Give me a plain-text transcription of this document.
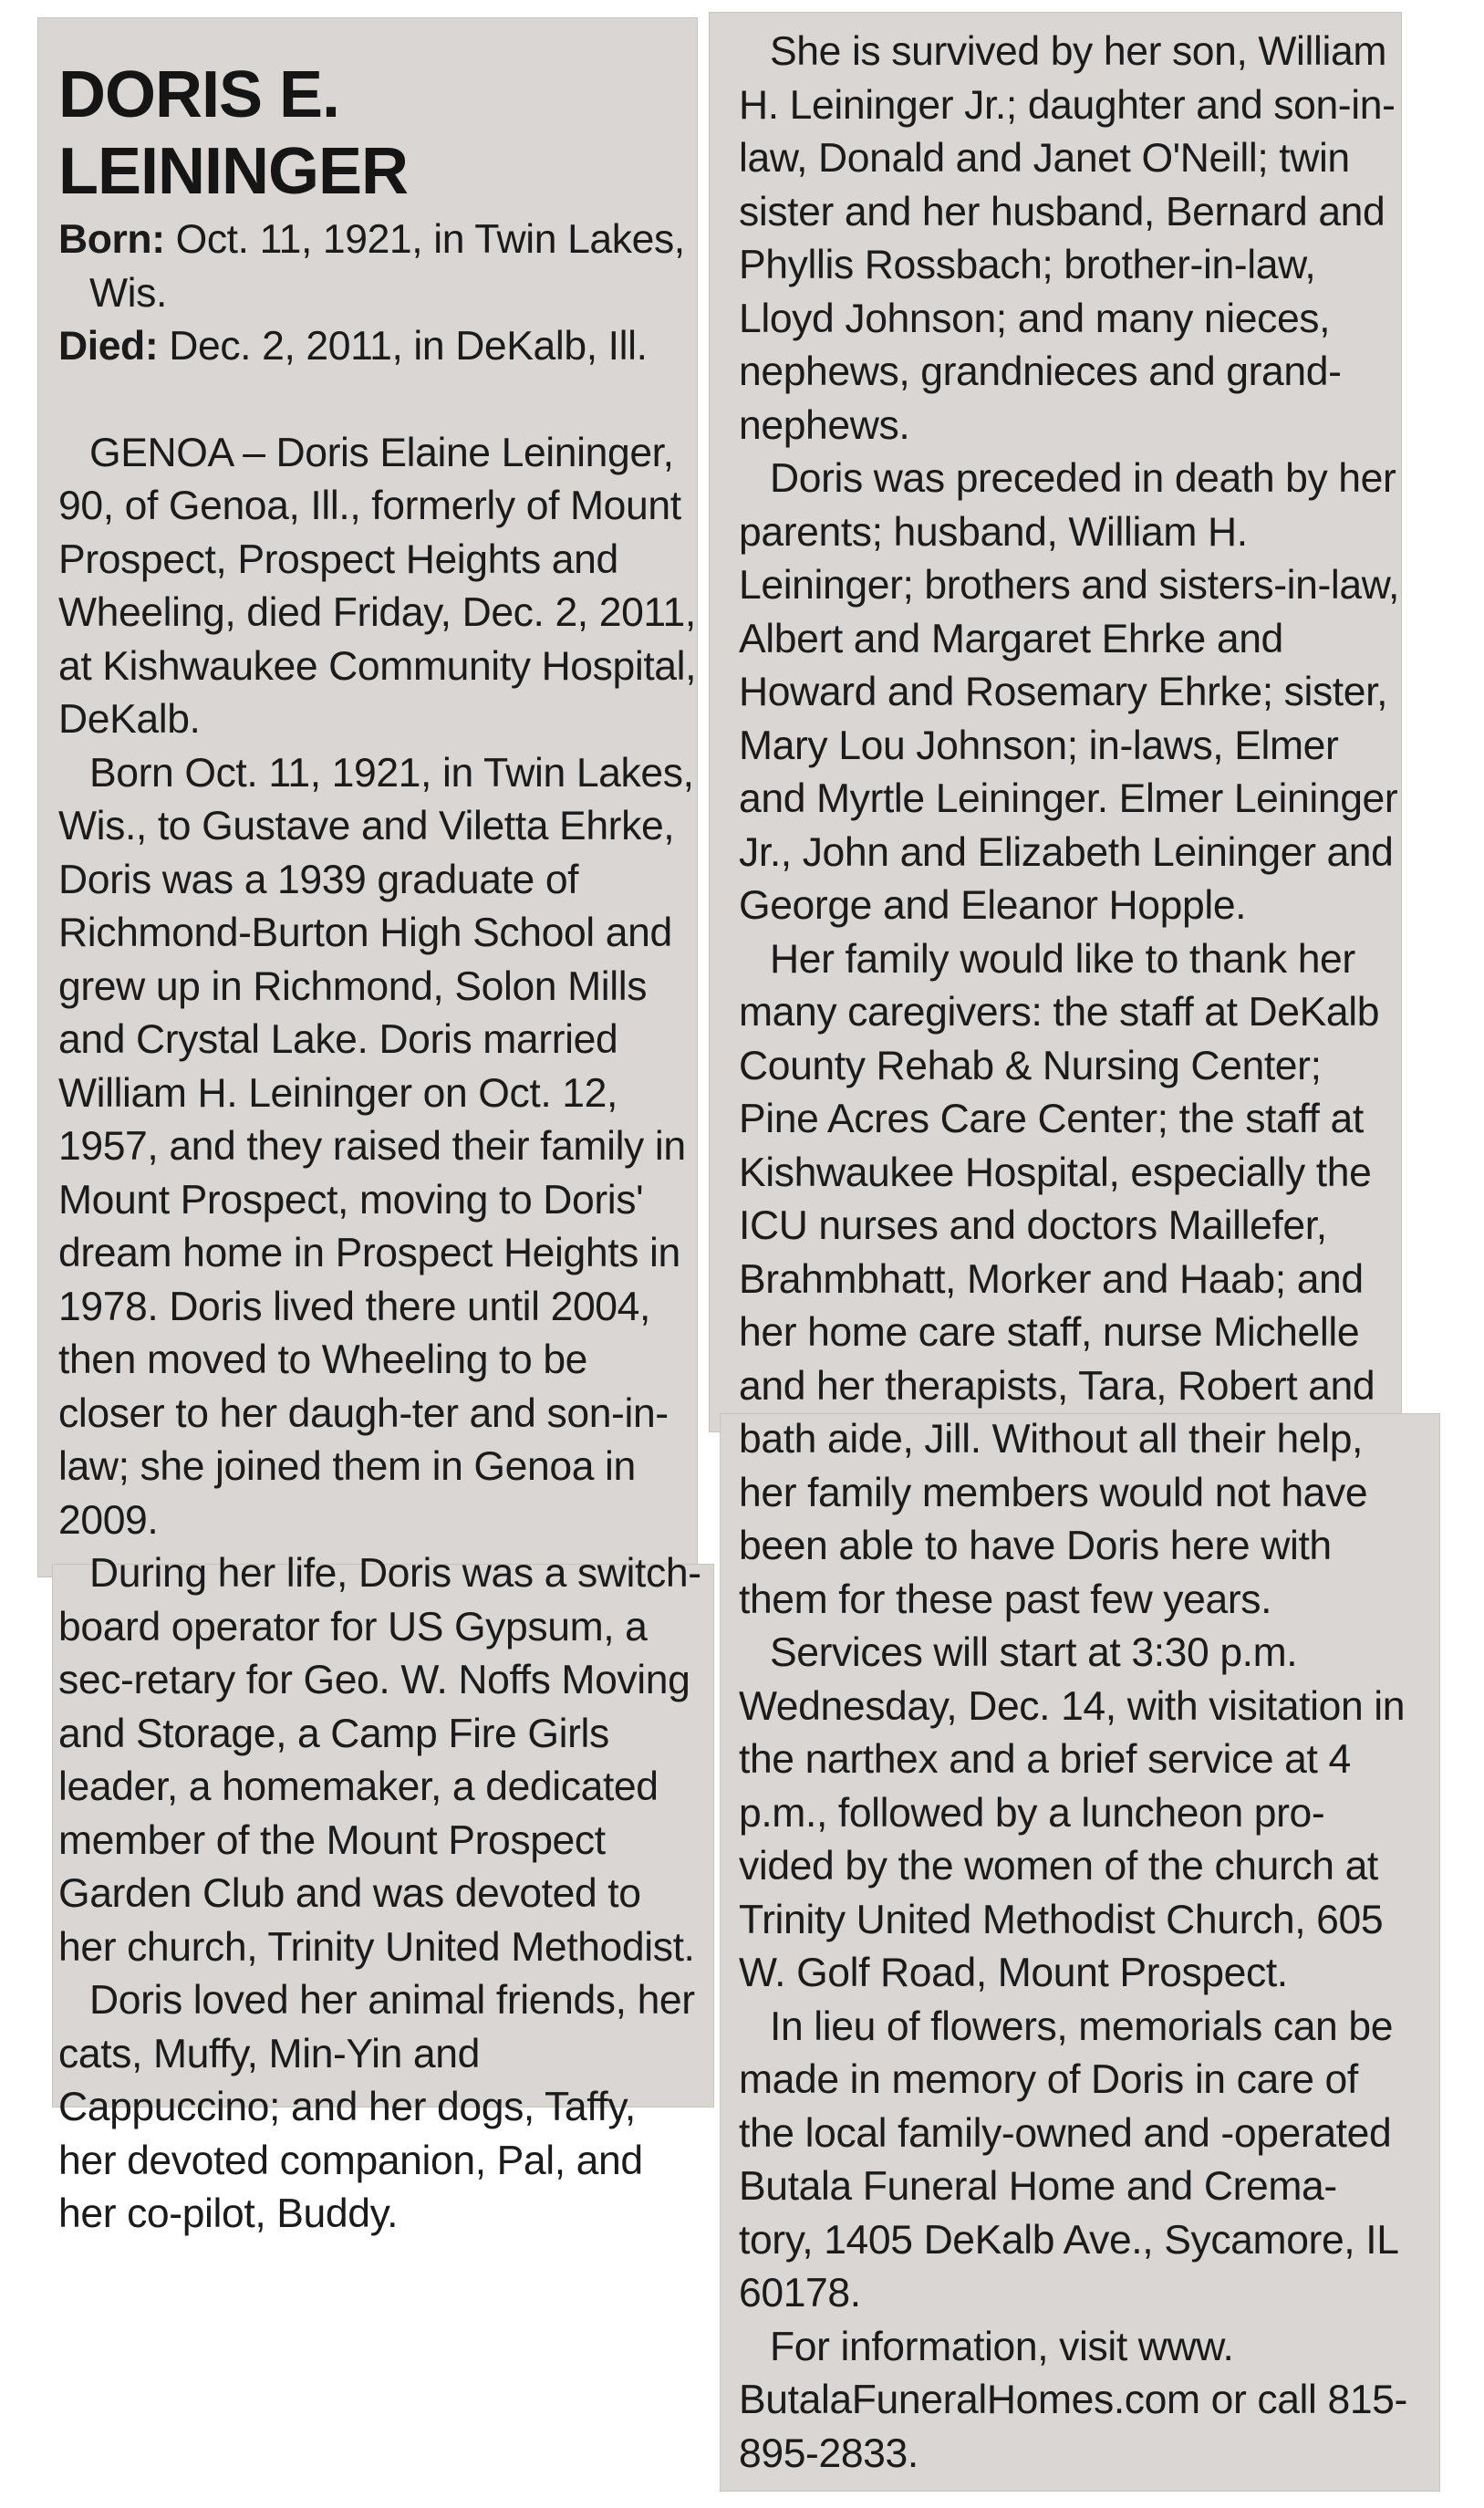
DORIS E. LEININGER

Born: Oct. 11, 1921, in Twin Lakes,
Wis.

Died: Dec. 2, 2011, in DeKalb, Ill.

GENOA – Doris Elaine Leininger, 90, of Genoa, Ill., formerly of Mount Prospect, Prospect Heights and Wheeling, died Friday, Dec. 2, 2011, at Kishwaukee Community Hospital, DeKalb.

Born Oct. 11, 1921, in Twin Lakes, Wis., to Gustave and Viletta Ehrke, Doris was a 1939 graduate of Richmond-Burton High School and grew up in Richmond, Solon Mills and Crystal Lake. Doris married William H. Leininger on Oct. 12, 1957, and they raised their family in Mount Prospect, moving to Doris' dream home in Prospect Heights in 1978. Doris lived there until 2004, then moved to Wheeling to be closer to her daugh-ter and son-in-law; she joined them in Genoa in 2009.

During her life, Doris was a switch-board operator for US Gypsum, a sec-retary for Geo. W. Noffs Moving and Storage, a Camp Fire Girls leader, a homemaker, a dedicated member of the Mount Prospect Garden Club and was devoted to her church, Trinity United Methodist.

Doris loved her animal friends, her cats, Muffy, Min-Yin and Cappuccino; and her dogs, Taffy, her devoted companion, Pal, and her co-pilot, Buddy.

She is survived by her son, William H. Leininger Jr.; daughter and son-in-law, Donald and Janet O'Neill; twin sister and her husband, Bernard and Phyllis Rossbach; brother-in-law, Lloyd Johnson; and many nieces, nephews, grandnieces and grand-nephews.

Doris was preceded in death by her parents; husband, William H. Leininger; brothers and sisters-in-law, Albert and Margaret Ehrke and Howard and Rosemary Ehrke; sister, Mary Lou Johnson; in-laws, Elmer and Myrtle Leininger. Elmer Leininger Jr., John and Elizabeth Leininger and George and Eleanor Hopple.

Her family would like to thank her many caregivers: the staff at DeKalb County Rehab & Nursing Center; Pine Acres Care Center; the staff at Kishwaukee Hospital, especially the ICU nurses and doctors Maillefer, Brahmbhatt, Morker and Haab; and her home care staff, nurse Michelle and her therapists, Tara, Robert and bath aide, Jill. Without all their help, her family members would not have been able to have Doris here with them for these past few years.

Services will start at 3:30 p.m. Wednesday, Dec. 14, with visitation in the narthex and a brief service at 4 p.m., followed by a luncheon pro-vided by the women of the church at Trinity United Methodist Church, 605 W. Golf Road, Mount Prospect.

In lieu of flowers, memorials can be made in memory of Doris in care of the local family-owned and -operated Butala Funeral Home and Crema-tory, 1405 DeKalb Ave., Sycamore, IL 60178.

For information, visit www. ButalaFuneralHomes.com or call 815-895-2833.
